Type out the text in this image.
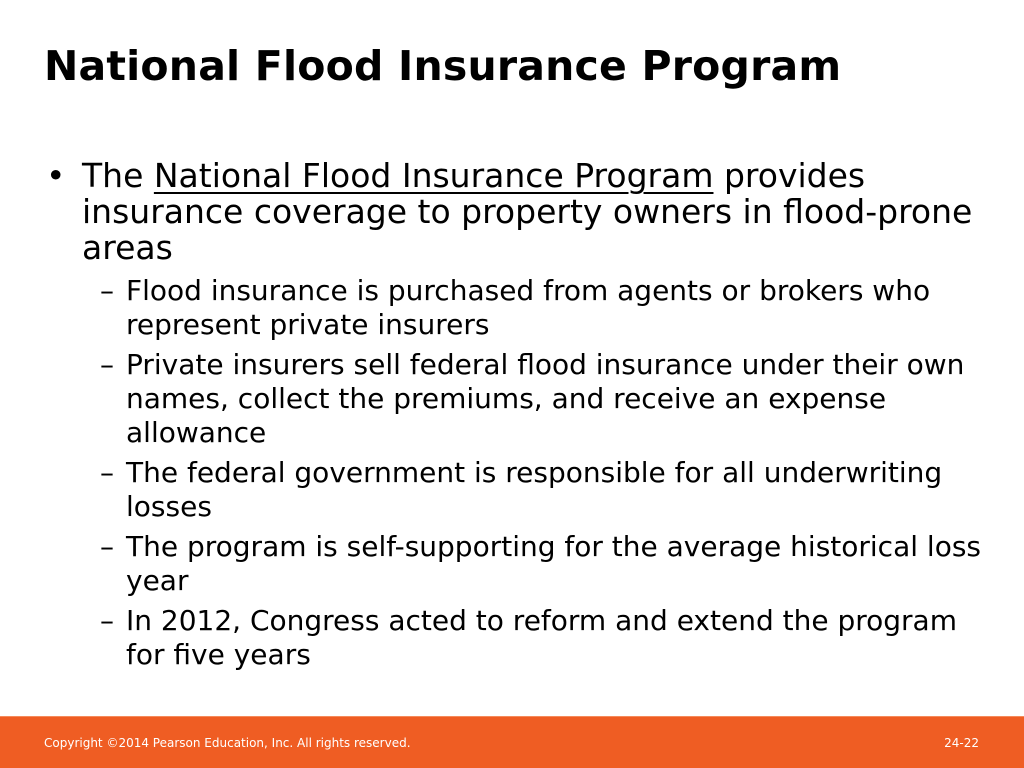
National Flood Insurance Program
• The National Flood Insurance Program provides insurance coverage to property owners in flood-prone areas
– Flood insurance is purchased from agents or brokers who represent private insurers
– Private insurers sell federal flood insurance under their own names, collect the premiums, and receive an expense allowance
– The federal government is responsible for all underwriting losses
– The program is self-supporting for the average historical loss year
– In 2012, Congress acted to reform and extend the program for five years
Copyright ©2014 Pearson Education, Inc. All rights reserved.	24-22
